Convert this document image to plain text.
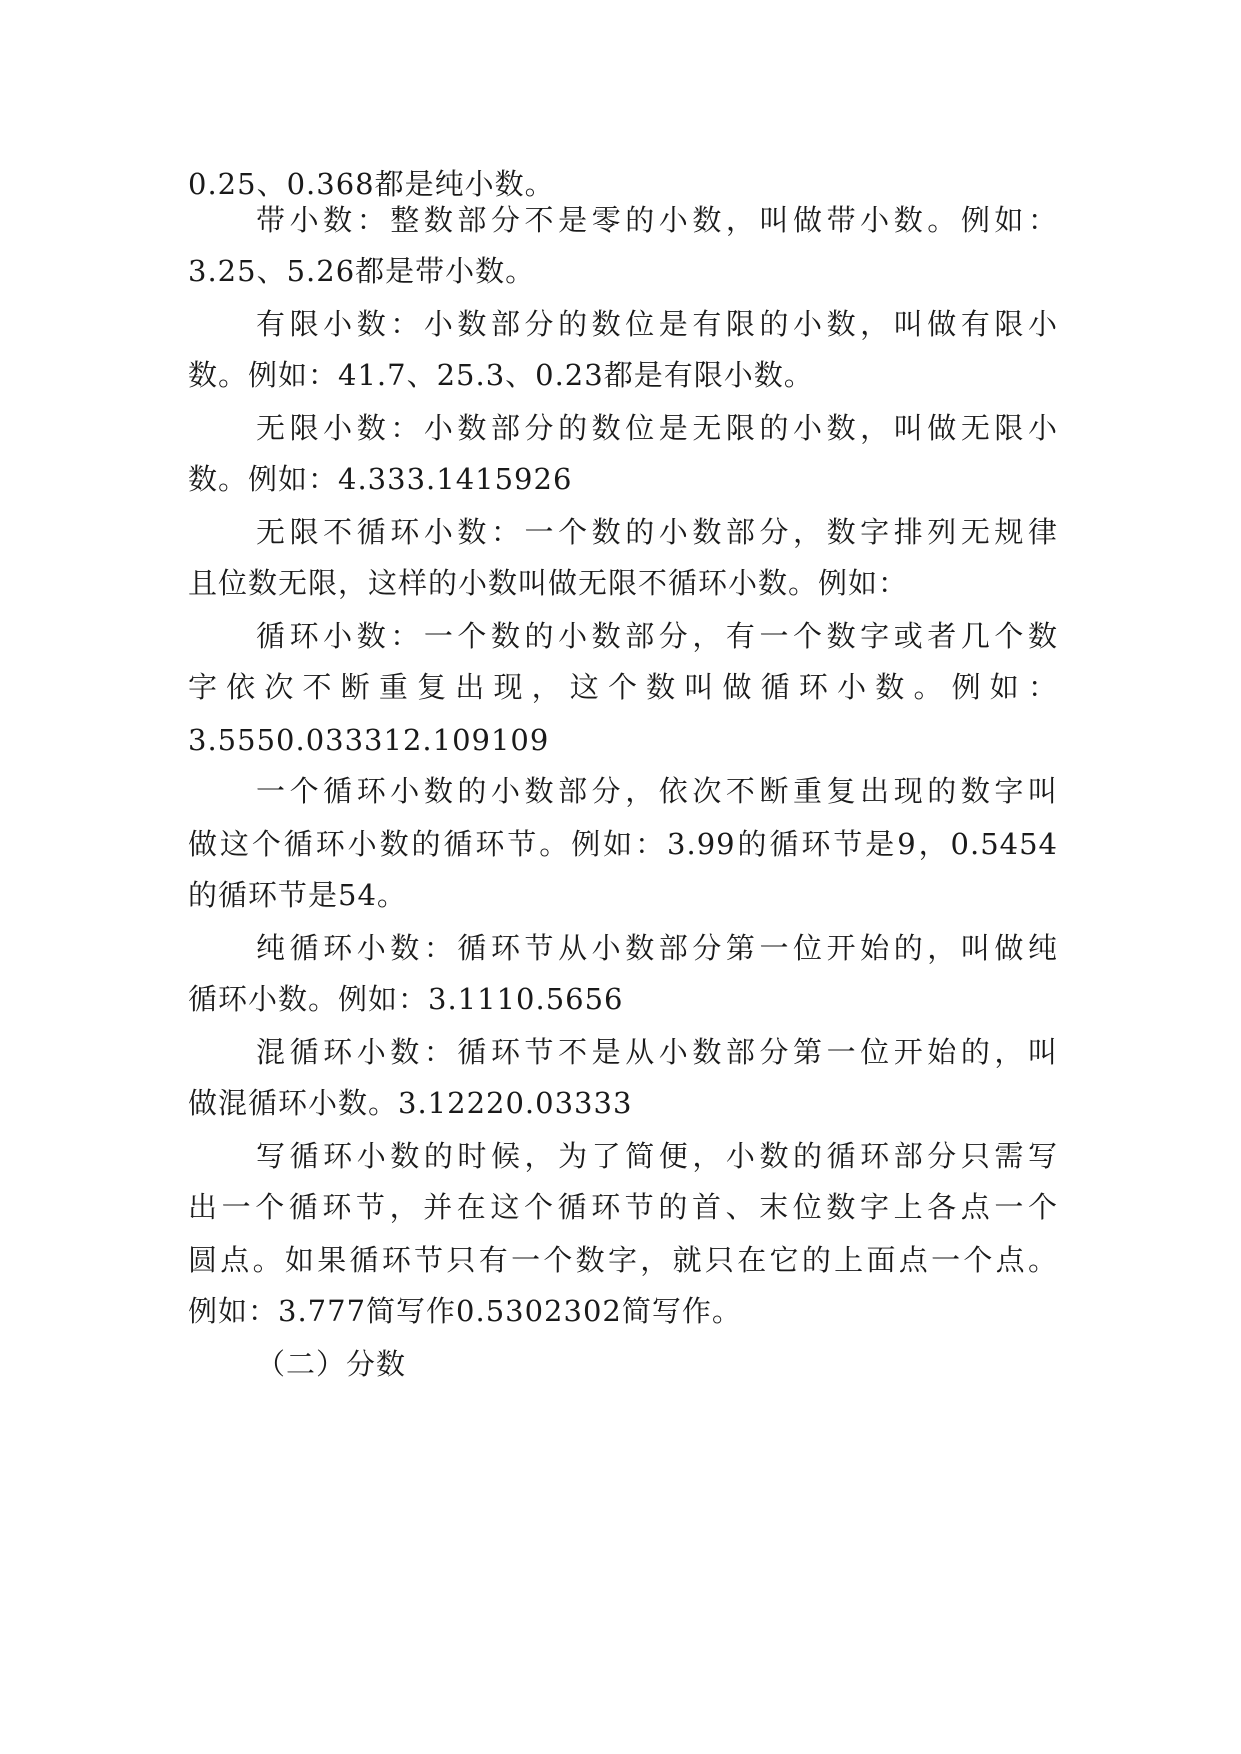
0.25、0.368都是纯小数。
带小数：整数部分不是零的小数，叫做带小数。例如：
3.25、5.26都是带小数。
有限小数：小数部分的数位是有限的小数，叫做有限小
数。例如：41.7、25.3、0.23都是有限小数。
无限小数：小数部分的数位是无限的小数，叫做无限小
数。例如：4.333.1415926
无限不循环小数：一个数的小数部分，数字排列无规律
且位数无限，这样的小数叫做无限不循环小数。例如：
循环小数：一个数的小数部分，有一个数字或者几个数
字依次不断重复出现，这个数叫做循环小数。例如：
3.5550.033312.109109
一个循环小数的小数部分，依次不断重复出现的数字叫
做这个循环小数的循环节。例如：3.99的循环节是9，0.5454
的循环节是54。
纯循环小数：循环节从小数部分第一位开始的，叫做纯
循环小数。例如：3.1110.5656
混循环小数：循环节不是从小数部分第一位开始的，叫
做混循环小数。3.12220.03333
写循环小数的时候，为了简便，小数的循环部分只需写
出一个循环节，并在这个循环节的首、末位数字上各点一个
圆点。如果循环节只有一个数字，就只在它的上面点一个点。
例如：3.777简写作0.5302302简写作。
（二）分数
